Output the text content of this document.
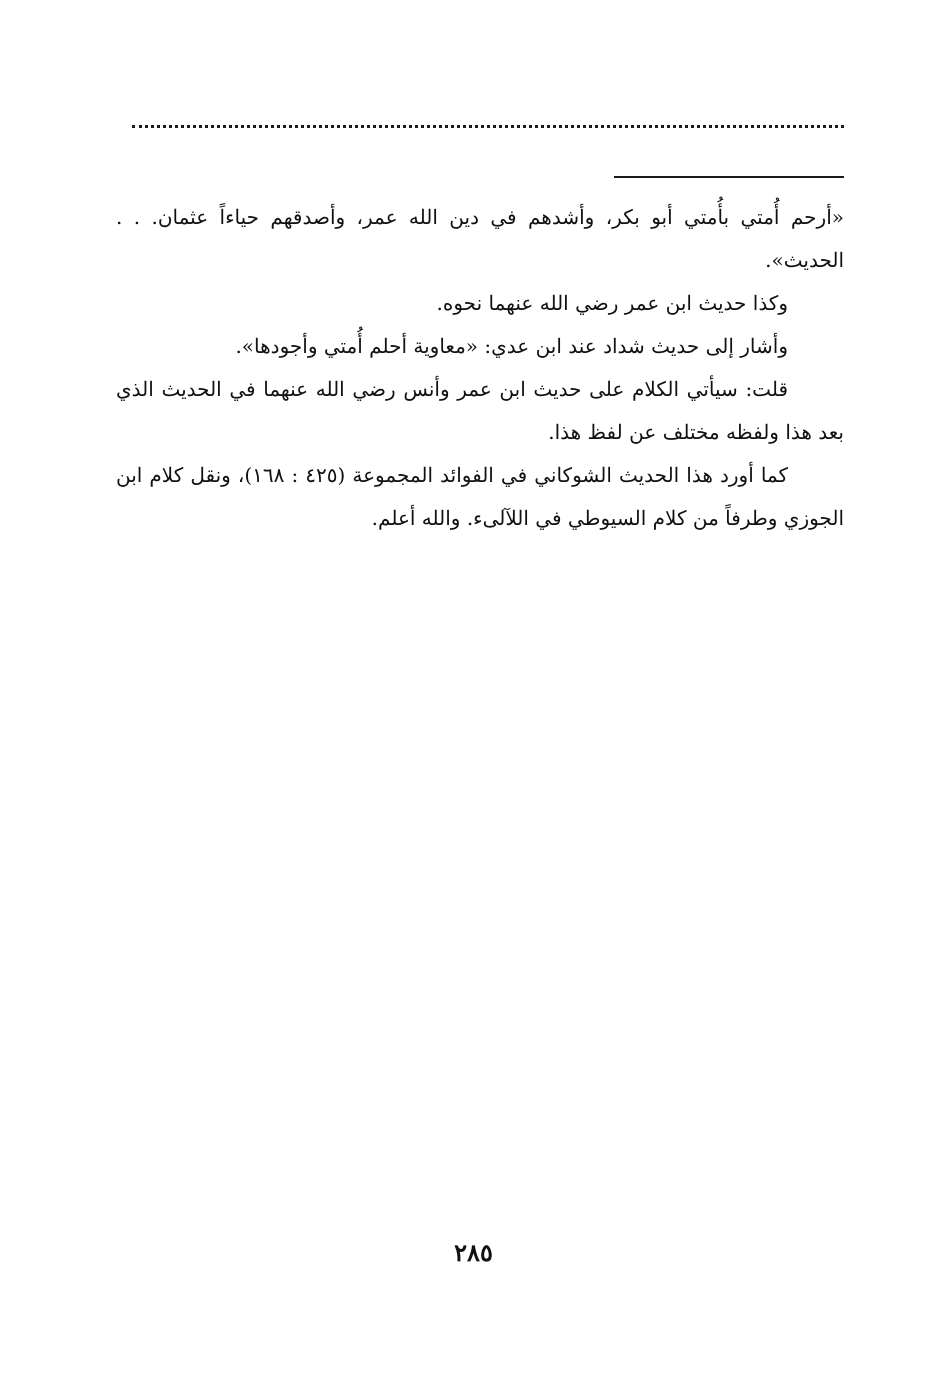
«أرحم أُمتي بأُمتي أبو بكر، وأشدهم في دين الله عمر، وأصدقهم حياءاً عثمان. . . الحديث».

وكذا حديث ابن عمر رضي الله عنهما نحوه.

وأشار إلى حديث شداد عند ابن عدي: «معاوية أحلم أُمتي وأجودها».

قلت: سيأتي الكلام على حديث ابن عمر وأنس رضي الله عنهما في الحديث الذي بعد هذا ولفظه مختلف عن لفظ هذا.

كما أورد هذا الحديث الشوكاني في الفوائد المجموعة (٤٢٥ : ١٦٨)، ونقل كلام ابن الجوزي وطرفاً من كلام السيوطي في اللآلىء. والله أعلم.

٢٨٥
